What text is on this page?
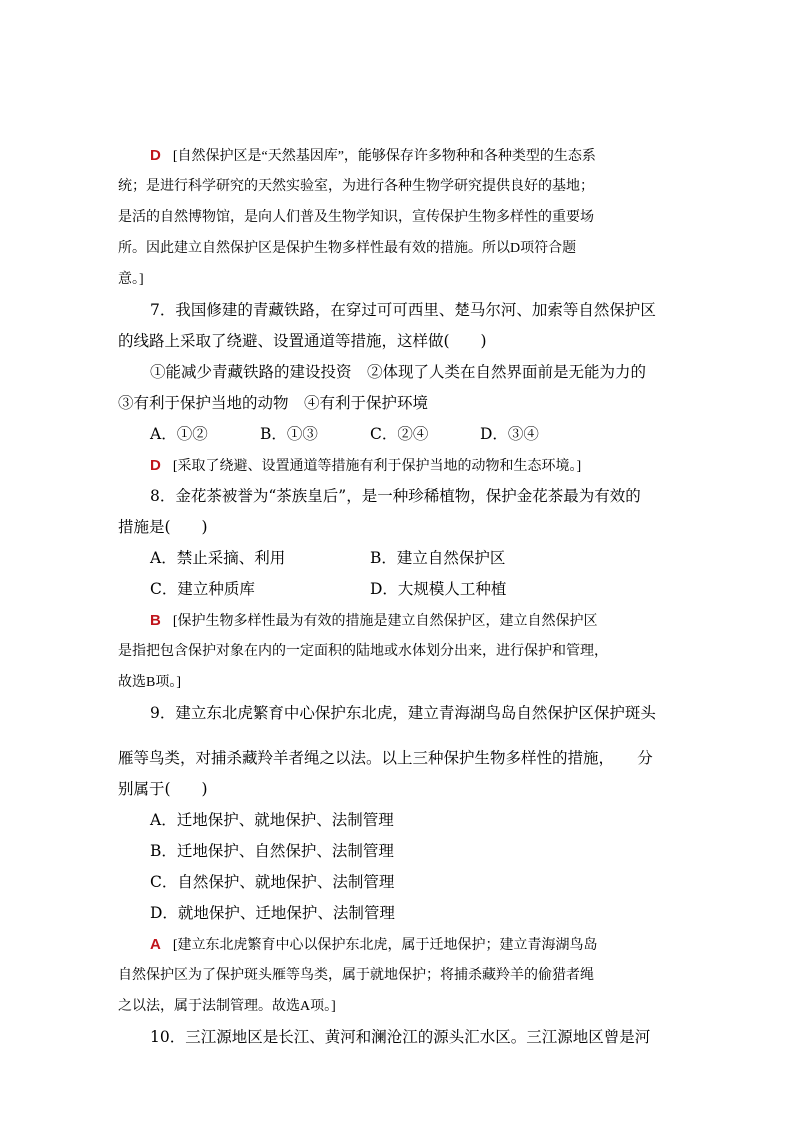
D [自然保护区是“天然基因库”，能够保存许多物种和各种类型的生态系
统；是进行科学研究的天然实验室，为进行各种生物学研究提供良好的基地；
是活的自然博物馆，是向人们普及生物学知识，宣传保护生物多样性的重要场
所。因此建立自然保护区是保护生物多样性最有效的措施。所以D项符合题
意。]
7．我国修建的青藏铁路，在穿过可可西里、楚马尔河、加索等自然保护区
的线路上采取了绕避、设置通道等措施，这样做(　　)
①能减少青藏铁路的建设投资　②体现了人类在自然界面前是无能为力的
③有利于保护当地的动物　④有利于保护环境
A．①②	B．①③	C．②④	D．③④
D [采取了绕避、设置通道等措施有利于保护当地的动物和生态环境。]
8．金花茶被誉为“茶族皇后”，是一种珍稀植物，保护金花茶最为有效的
措施是(　　)
A．禁止采摘、利用	B．建立自然保护区
C．建立种质库	D．大规模人工种植
B [保护生物多样性最为有效的措施是建立自然保护区，建立自然保护区
是指把包含保护对象在内的一定面积的陆地或水体划分出来，进行保护和管理，
故选B项。]
9．建立东北虎繁育中心保护东北虎，建立青海湖鸟岛自然保护区保护斑头
雁等鸟类，对捕杀藏羚羊者绳之以法。以上三种保护生物多样性的措施，　　分
别属于(　　)
A．迁地保护、就地保护、法制管理
B．迁地保护、自然保护、法制管理
C．自然保护、就地保护、法制管理
D．就地保护、迁地保护、法制管理
A [建立东北虎繁育中心以保护东北虎，属于迁地保护；建立青海湖鸟岛
自然保护区为了保护斑头雁等鸟类，属于就地保护；将捕杀藏羚羊的偷猎者绳
之以法，属于法制管理。故选A项。]
10．三江源地区是长江、黄河和澜沧江的源头汇水区。三江源地区曾是河
